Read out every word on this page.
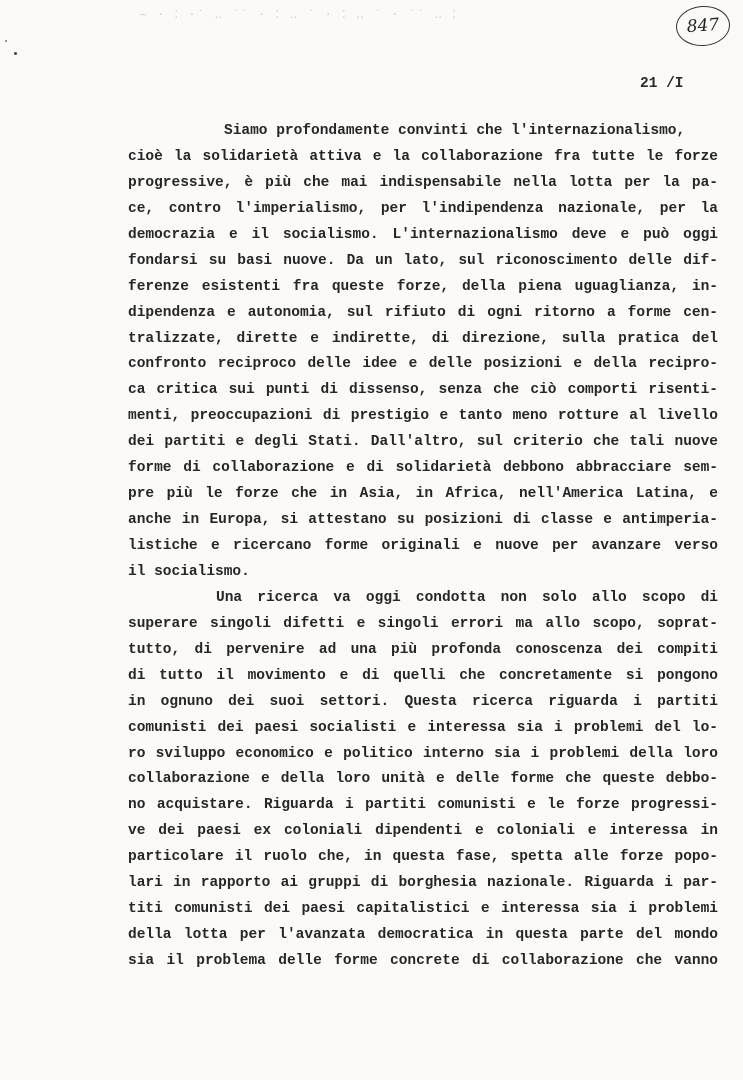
~ · ⁚ ·˙ ‥ ˙˙ · ⁚ ‥ ˙ · ⁚ ‥ ˙ · ˙˙ ‥ ⁚
847
21 /I
Siamo profondamente convinti che l'internazionalismo,
cioè la solidarietà attiva e la collaborazione fra tutte le forze
progressive, è più che mai indispensabile nella lotta per la pa-
ce, contro l'imperialismo, per l'indipendenza nazionale, per la
democrazia e il socialismo. L'internazionalismo deve e può oggi
fondarsi su basi nuove. Da un lato, sul riconoscimento delle dif-
ferenze esistenti fra queste forze, della piena uguaglianza, in-
dipendenza e autonomia, sul rifiuto di ogni ritorno a forme cen-
tralizzate, dirette e indirette, di direzione, sulla pratica del
confronto reciproco delle idee e delle posizioni e della recipro-
ca critica sui punti di dissenso, senza che ciò comporti risenti-
menti, preoccupazioni di prestigio e tanto meno rotture al livello
dei partiti e degli Stati. Dall'altro, sul criterio che tali nuove
forme di collaborazione e di solidarietà debbono abbracciare sem-
pre più le forze che in Asia, in Africa, nell'America Latina, e
anche in Europa, si attestano su posizioni di classe e antimperia-
listiche e ricercano forme originali e nuove per avanzare verso
il socialismo.
Una ricerca va oggi condotta non solo allo scopo di
superare singoli difetti e singoli errori ma allo scopo, soprat-
tutto, di pervenire ad una più profonda conoscenza dei compiti
di tutto il movimento e di quelli che concretamente si pongono
in ognuno dei suoi settori. Questa ricerca riguarda i partiti
comunisti dei paesi socialisti e interessa sia i problemi del lo-
ro sviluppo economico e politico interno sia i problemi della loro
collaborazione e della loro unità e delle forme che queste debbo-
no acquistare. Riguarda i partiti comunisti e le forze progressi-
ve dei paesi ex coloniali dipendenti e coloniali e interessa in
particolare il ruolo che, in questa fase, spetta alle forze popo-
lari in rapporto ai gruppi di borghesia nazionale. Riguarda i par-
titi comunisti dei paesi capitalistici e interessa sia i problemi
della lotta per l'avanzata democratica in questa parte del mondo
sia il problema delle forme concrete di collaborazione che vanno
